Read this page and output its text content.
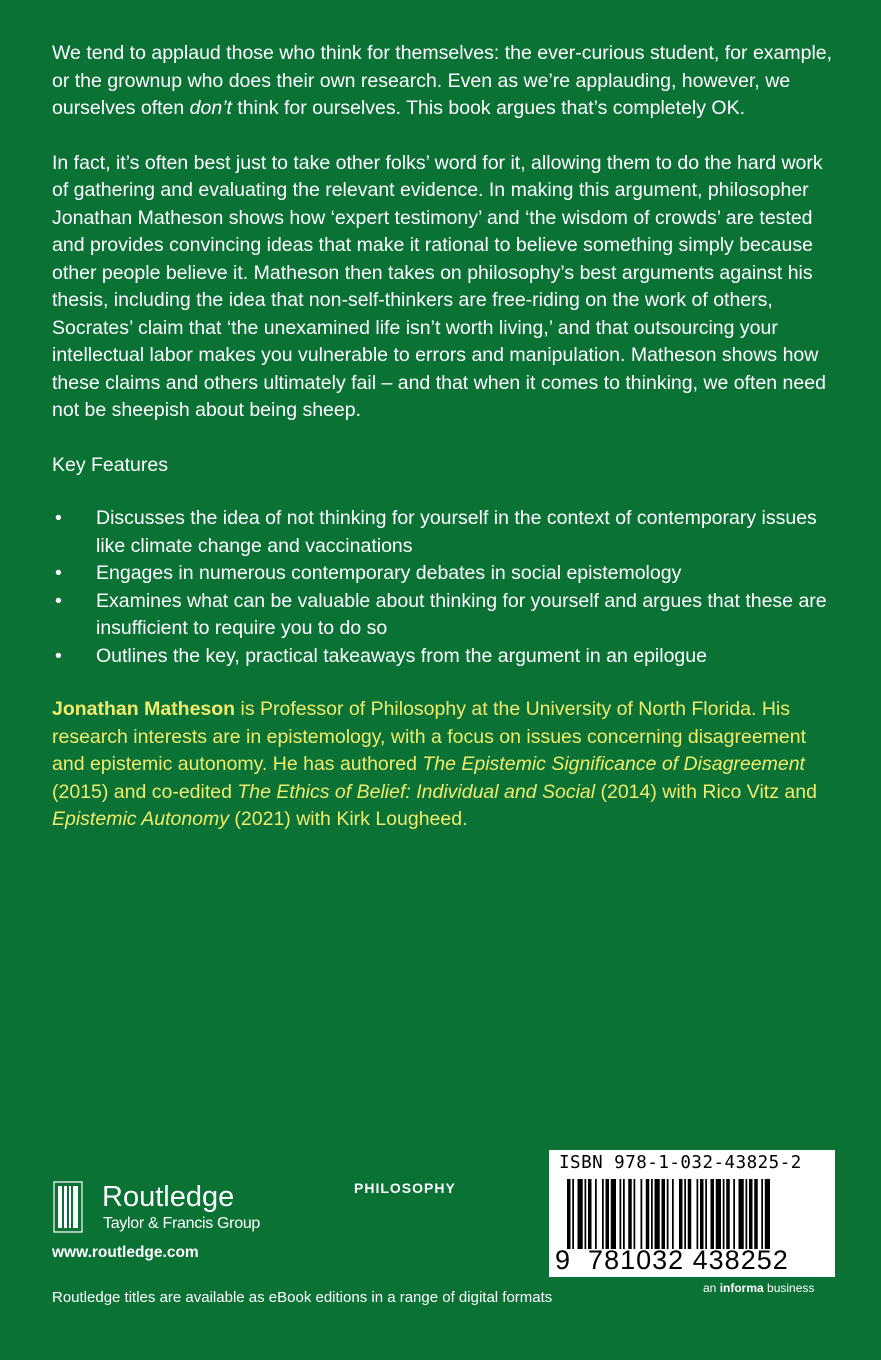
We tend to applaud those who think for themselves: the ever-curious student, for example, or the grownup who does their own research. Even as we’re applauding, however, we ourselves often don’t think for ourselves. This book argues that’s completely OK.

In fact, it’s often best just to take other folks’ word for it, allowing them to do the hard work of gathering and evaluating the relevant evidence. In making this argument, philosopher Jonathan Matheson shows how ‘expert testimony’ and ‘the wisdom of crowds’ are tested and provides convincing ideas that make it rational to believe something simply because other people believe it. Matheson then takes on philosophy’s best arguments against his thesis, including the idea that non-self-thinkers are free-riding on the work of others, Socrates’ claim that ‘the unexamined life isn’t worth living,’ and that outsourcing your intellectual labor makes you vulnerable to errors and manipulation. Matheson shows how these claims and others ultimately fail – and that when it comes to thinking, we often need not be sheepish about being sheep.

Key Features

• Discusses the idea of not thinking for yourself in the context of contemporary issues like climate change and vaccinations
• Engages in numerous contemporary debates in social epistemology
• Examines what can be valuable about thinking for yourself and argues that these are insufficient to require you to do so
• Outlines the key, practical takeaways from the argument in an epilogue

Jonathan Matheson is Professor of Philosophy at the University of North Florida. His research interests are in epistemology, with a focus on issues concerning disagreement and epistemic autonomy. He has authored The Epistemic Significance of Disagreement (2015) and co-edited The Ethics of Belief: Individual and Social (2014) with Rico Vitz and Epistemic Autonomy (2021) with Kirk Lougheed.

Routledge
Taylor & Francis Group
www.routledge.com
PHILOSOPHY
ISBN 978-1-032-43825-2
9 781032 438252
an informa business
Routledge titles are available as eBook editions in a range of digital formats
